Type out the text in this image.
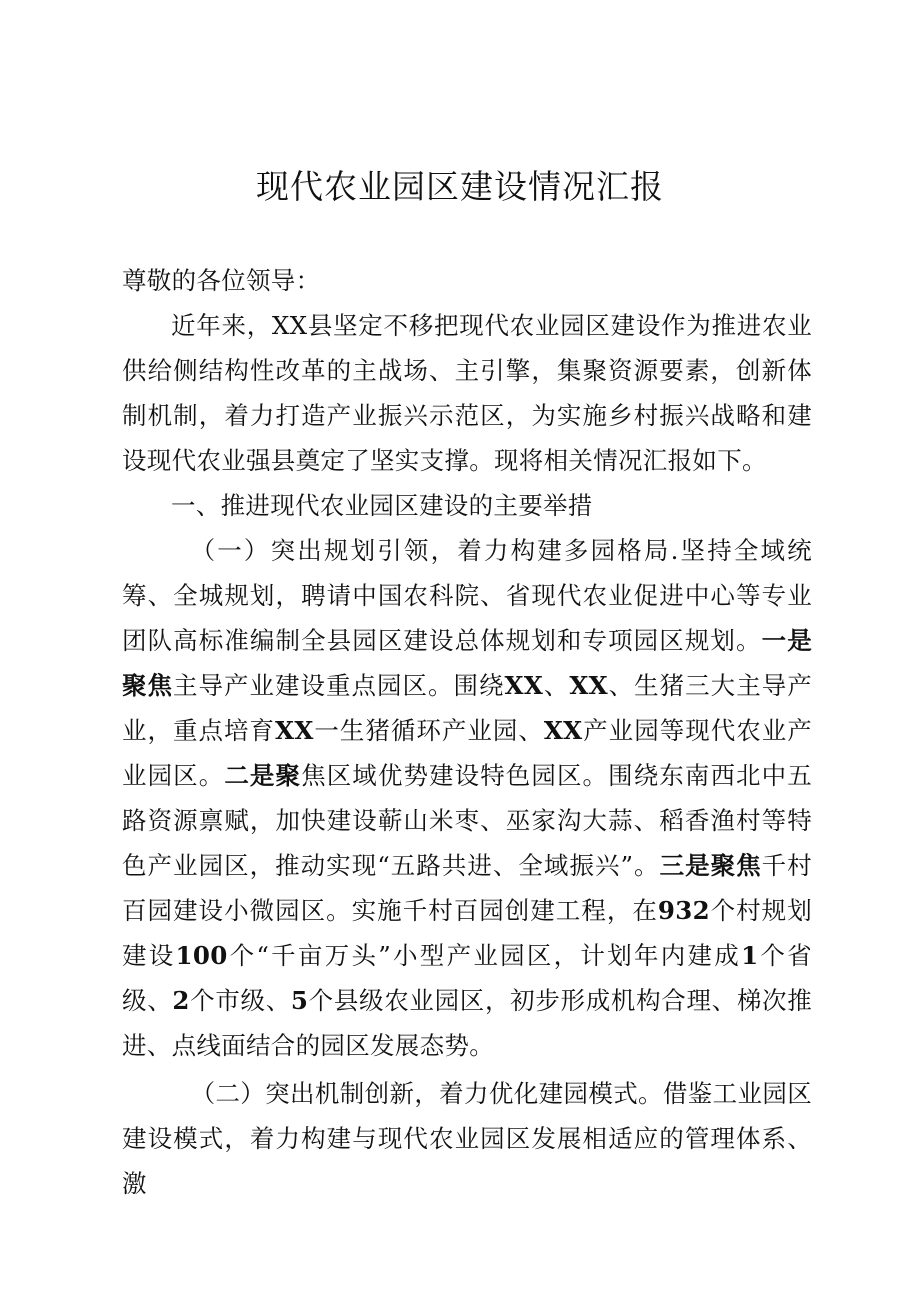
现代农业园区建设情况汇报

尊敬的各位领导：

近年来，XX县坚定不移把现代农业园区建设作为推进农业供给侧结构性改革的主战场、主引擎，集聚资源要素，创新体制机制，着力打造产业振兴示范区，为实施乡村振兴战略和建设现代农业强县奠定了坚实支撑。现将相关情况汇报如下。

一、推进现代农业园区建设的主要举措

（一）突出规划引领，着力构建多园格局.坚持全域统筹、全城规划，聘请中国农科院、省现代农业促进中心等专业团队高标准编制全县园区建设总体规划和专项园区规划。一是聚焦主导产业建设重点园区。围绕XX、XX、生猪三大主导产业，重点培育XX一生猪循环产业园、XX产业园等现代农业产业园区。二是聚焦区域优势建设特色园区。围绕东南西北中五路资源禀赋，加快建设蕲山米枣、巫家沟大蒜、稻香渔村等特色产业园区，推动实现“五路共进、全域振兴”。三是聚焦千村百园建设小微园区。实施千村百园创建工程，在932个村规划建设100个“千亩万头”小型产业园区，计划年内建成1个省级、2个市级、5个县级农业园区，初步形成机构合理、梯次推进、点线面结合的园区发展态势。

（二）突出机制创新，着力优化建园模式。借鉴工业园区建设模式，着力构建与现代农业园区发展相适应的管理体系、激
